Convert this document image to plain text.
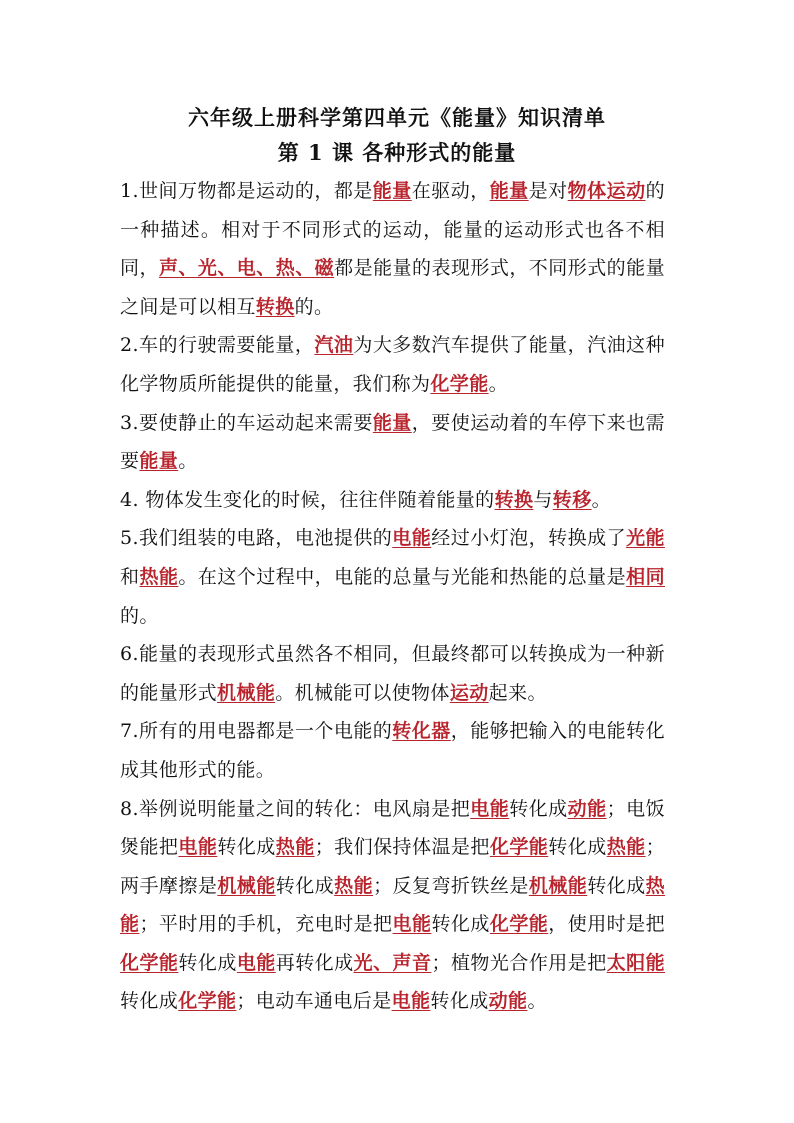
六年级上册科学第四单元《能量》知识清单
第 1 课 各种形式的能量

1.世间万物都是运动的，都是能量在驱动，能量是对物体运动的一种描述。相对于不同形式的运动，能量的运动形式也各不相同，声、光、电、热、磁都是能量的表现形式，不同形式的能量之间是可以相互转换的。

2.车的行驶需要能量，汽油为大多数汽车提供了能量，汽油这种化学物质所能提供的能量，我们称为化学能。

3.要使静止的车运动起来需要能量，要使运动着的车停下来也需要能量。

4. 物体发生变化的时候，往往伴随着能量的转换与转移。

5.我们组装的电路，电池提供的电能经过小灯泡，转换成了光能和热能。在这个过程中，电能的总量与光能和热能的总量是相同的。

6.能量的表现形式虽然各不相同，但最终都可以转换成为一种新的能量形式机械能。机械能可以使物体运动起来。

7.所有的用电器都是一个电能的转化器，能够把输入的电能转化成其他形式的能。

8.举例说明能量之间的转化：电风扇是把电能转化成动能；电饭煲能把电能转化成热能；我们保持体温是把化学能转化成热能；两手摩擦是机械能转化成热能；反复弯折铁丝是机械能转化成热能；平时用的手机，充电时是把电能转化成化学能，使用时是把化学能转化成电能再转化成光、声音；植物光合作用是把太阳能转化成化学能；电动车通电后是电能转化成动能。
